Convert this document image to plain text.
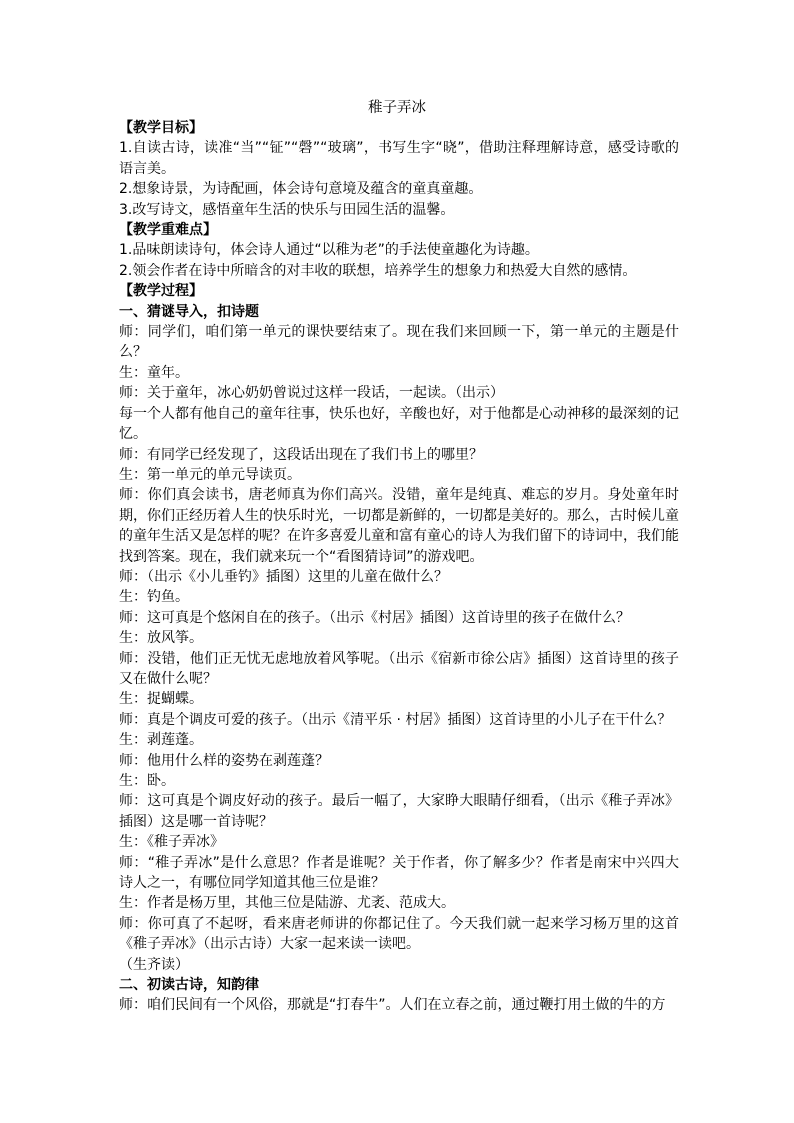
稚子弄冰

【教学目标】

1.自读古诗，读准“当”“钲”“磬”“玻璃”，书写生字“晓”，借助注释理解诗意，感受诗歌的语言美。

2.想象诗景，为诗配画，体会诗句意境及蕴含的童真童趣。

3.改写诗文，感悟童年生活的快乐与田园生活的温馨。

【教学重难点】

1.品味朗读诗句，体会诗人通过“以稚为老”的手法使童趣化为诗趣。

2.领会作者在诗中所暗含的对丰收的联想，培养学生的想象力和热爱大自然的感情。

【教学过程】

一、猜谜导入，扣诗题

师：同学们，咱们第一单元的课快要结束了。现在我们来回顾一下，第一单元的主题是什么？

生：童年。

师：关于童年，冰心奶奶曾说过这样一段话，一起读。（出示）

每一个人都有他自己的童年往事，快乐也好，辛酸也好，对于他都是心动神移的最深刻的记忆。

师：有同学已经发现了，这段话出现在了我们书上的哪里？

生：第一单元的单元导读页。

师：你们真会读书，唐老师真为你们高兴。没错，童年是纯真、难忘的岁月。身处童年时期，你们正经历着人生的快乐时光，一切都是新鲜的，一切都是美好的。那么，古时候儿童的童年生活又是怎样的呢？在许多喜爱儿童和富有童心的诗人为我们留下的诗词中，我们能找到答案。现在，我们就来玩一个“看图猜诗词”的游戏吧。

师：（出示《小儿垂钓》插图）这里的儿童在做什么？

生：钓鱼。

师：这可真是个悠闲自在的孩子。（出示《村居》插图）这首诗里的孩子在做什么？

生：放风筝。

师：没错，他们正无忧无虑地放着风筝呢。（出示《宿新市徐公店》插图）这首诗里的孩子又在做什么呢？

生：捉蝴蝶。

师：真是个调皮可爱的孩子。（出示《清平乐 · 村居》插图）这首诗里的小儿子在干什么？

生：剥莲蓬。

师：他用什么样的姿势在剥莲蓬？

生：卧。

师：这可真是个调皮好动的孩子。最后一幅了，大家睁大眼睛仔细看，（出示《稚子弄冰》插图）这是哪一首诗呢？

生：《稚子弄冰》

师：“稚子弄冰”是什么意思？作者是谁呢？关于作者，你了解多少？作者是南宋中兴四大诗人之一，有哪位同学知道其他三位是谁？

生：作者是杨万里，其他三位是陆游、尤袤、范成大。

师：你可真了不起呀，看来唐老师讲的你都记住了。今天我们就一起来学习杨万里的这首《稚子弄冰》（出示古诗）大家一起来读一读吧。

（生齐读）

二、初读古诗，知韵律

师：咱们民间有一个风俗，那就是“打春牛”。人们在立春之前，通过鞭打用土做的牛的方
